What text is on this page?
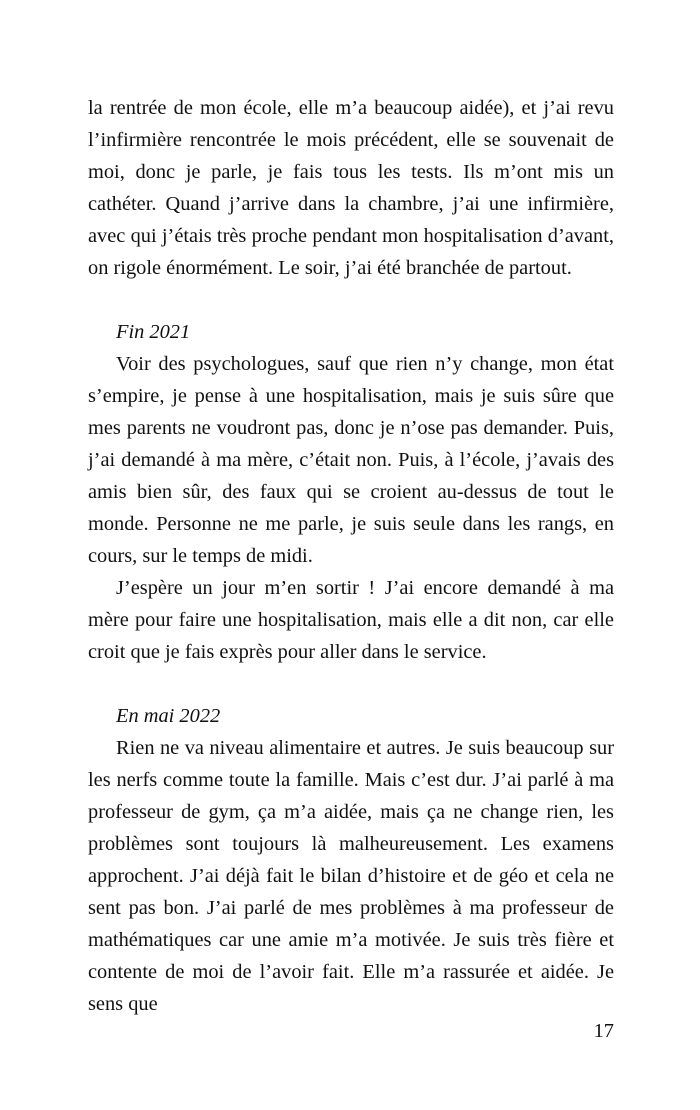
la rentrée de mon école, elle m’a beaucoup aidée), et j’ai revu l’infirmière rencontrée le mois précédent, elle se souvenait de moi, donc je parle, je fais tous les tests. Ils m’ont mis un cathéter. Quand j’arrive dans la chambre, j’ai une infirmière, avec qui j’étais très proche pendant mon hospitalisation d’avant, on rigole énormément. Le soir, j’ai été branchée de partout.

Fin 2021

Voir des psychologues, sauf que rien n’y change, mon état s’empire, je pense à une hospitalisation, mais je suis sûre que mes parents ne voudront pas, donc je n’ose pas demander. Puis, j’ai demandé à ma mère, c’était non. Puis, à l’école, j’avais des amis bien sûr, des faux qui se croient au-dessus de tout le monde. Personne ne me parle, je suis seule dans les rangs, en cours, sur le temps de midi.

J’espère un jour m’en sortir ! J’ai encore demandé à ma mère pour faire une hospitalisation, mais elle a dit non, car elle croit que je fais exprès pour aller dans le service.

En mai 2022

Rien ne va niveau alimentaire et autres. Je suis beaucoup sur les nerfs comme toute la famille. Mais c’est dur. J’ai parlé à ma professeur de gym, ça m’a aidée, mais ça ne change rien, les problèmes sont toujours là malheureusement. Les examens approchent. J’ai déjà fait le bilan d’histoire et de géo et cela ne sent pas bon. J’ai parlé de mes problèmes à ma professeur de mathématiques car une amie m’a motivée. Je suis très fière et contente de moi de l’avoir fait. Elle m’a rassurée et aidée. Je sens que

17
